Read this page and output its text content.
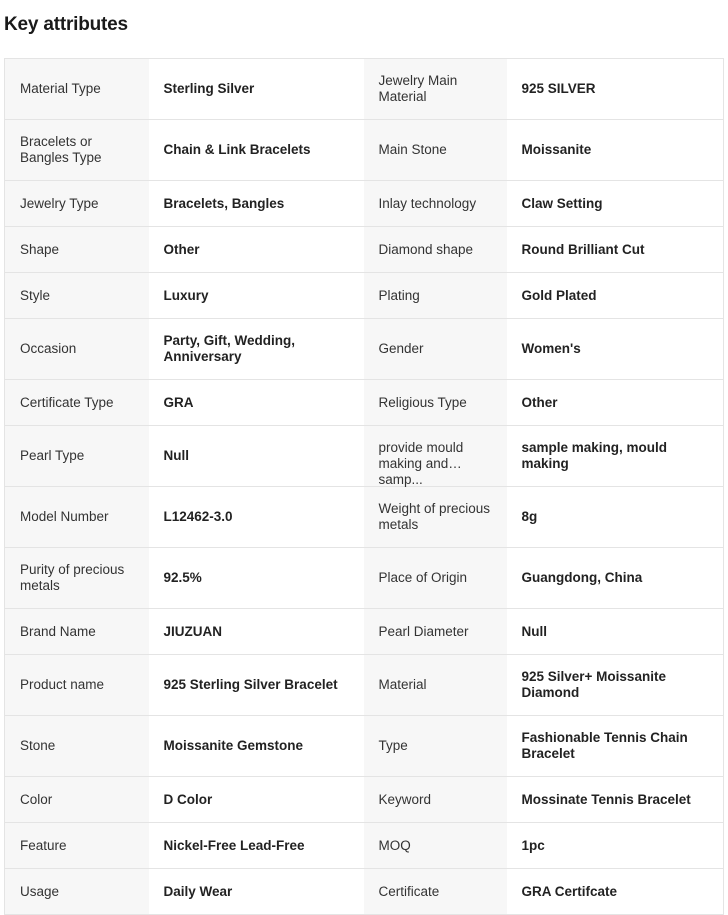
Key attributes
Material Type	Sterling Silver	Jewelry Main Material	925 SILVER

Bracelets or Bangles Type	Chain & Link Bracelets	Main Stone	Moissanite

Jewelry Type	Bracelets, Bangles	Inlay technology	Claw Setting

Shape	Other	Diamond shape	Round Brilliant Cut

Style	Luxury	Plating	Gold Plated

Occasion	Party, Gift, Wedding, Anniversary	Gender	Women's

Certificate Type	GRA	Religious Type	Other

Pearl Type	Null	provide mould making and samp...	sample making, mould making

Model Number	L12462-3.0	Weight of precious metals	8g

Purity of precious metals	92.5%	Place of Origin	Guangdong, China

Brand Name	JIUZUAN	Pearl Diameter	Null

Product name	925 Sterling Silver Bracelet	Material	925 Silver+ Moissanite Diamond

Stone	Moissanite Gemstone	Type	Fashionable Tennis Chain Bracelet

Color	D Color	Keyword	Mossinate Tennis Bracelet

Feature	Nickel-Free Lead-Free	MOQ	1pc

Usage	Daily Wear	Certificate	GRA Certifcate
